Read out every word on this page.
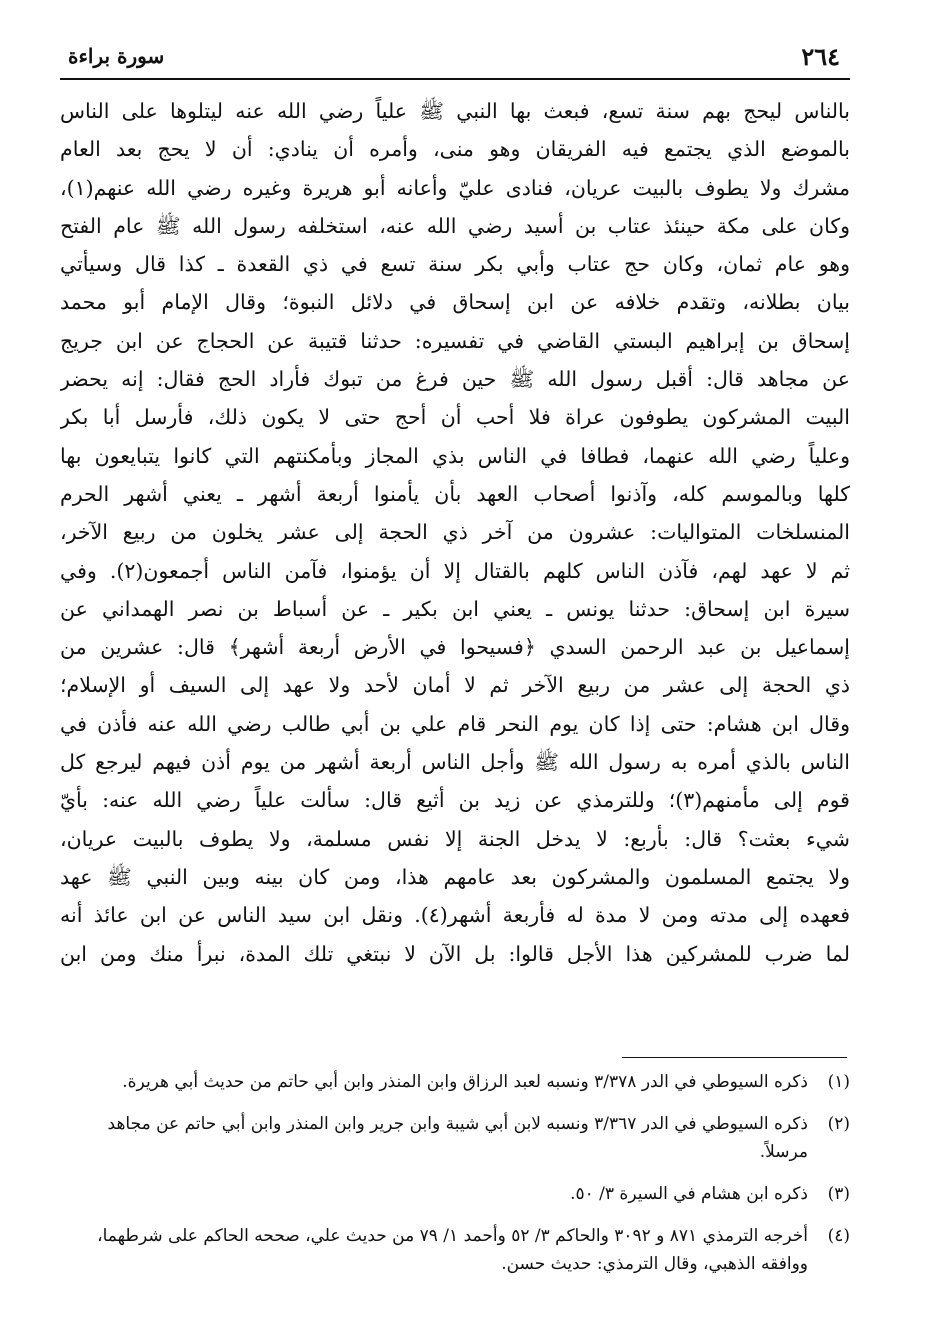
٢٦٤
سورة براءة
بالناس ليحج بهم سنة تسع، فبعث بها النبي ﷺ علياً رضي الله عنه ليتلوها على الناس
بالموضع الذي يجتمع فيه الفريقان وهو منى، وأمره أن ينادي: أن لا يحج بعد العام
مشرك ولا يطوف بالبيت عريان، فنادى عليّ وأعانه أبو هريرة وغيره رضي الله عنهم(١)،
وكان على مكة حينئذ عتاب بن أسيد رضي الله عنه، استخلفه رسول الله ﷺ عام الفتح
وهو عام ثمان، وكان حج عتاب وأبي بكر سنة تسع في ذي القعدة ـ كذا قال وسيأتي
بيان بطلانه، وتقدم خلافه عن ابن إسحاق في دلائل النبوة؛ وقال الإمام أبو محمد
إسحاق بن إبراهيم البستي القاضي في تفسيره: حدثنا قتيبة عن الحجاج عن ابن جريج
عن مجاهد قال: أقبل رسول الله ﷺ حين فرغ من تبوك فأراد الحج فقال: إنه يحضر
البيت المشركون يطوفون عراة فلا أحب أن أحج حتى لا يكون ذلك، فأرسل أبا بكر
وعلياً رضي الله عنهما، فطافا في الناس بذي المجاز وبأمكنتهم التي كانوا يتبايعون بها
كلها وبالموسم كله، وآذنوا أصحاب العهد بأن يأمنوا أربعة أشهر ـ يعني أشهر الحرم
المنسلخات المتواليات: عشرون من آخر ذي الحجة إلى عشر يخلون من ربيع الآخر،
ثم لا عهد لهم، فآذن الناس كلهم بالقتال إلا أن يؤمنوا، فآمن الناس أجمعون(٢). وفي
سيرة ابن إسحاق: حدثنا يونس ـ يعني ابن بكير ـ عن أسباط بن نصر الهمداني عن
إسماعيل بن عبد الرحمن السدي ﴿فسيحوا في الأرض أربعة أشهر﴾ قال: عشرين من
ذي الحجة إلى عشر من ربيع الآخر ثم لا أمان لأحد ولا عهد إلى السيف أو الإسلام؛
وقال ابن هشام: حتى إذا كان يوم النحر قام علي بن أبي طالب رضي الله عنه فأذن في
الناس بالذي أمره به رسول الله ﷺ وأجل الناس أربعة أشهر من يوم أذن فيهم ليرجع كل
قوم إلى مأمنهم(٣)؛ وللترمذي عن زيد بن أثيع قال: سألت علياً رضي الله عنه: بأيّ
شيء بعثت؟ قال: بأربع: لا يدخل الجنة إلا نفس مسلمة، ولا يطوف بالبيت عريان،
ولا يجتمع المسلمون والمشركون بعد عامهم هذا، ومن كان بينه وبين النبي ﷺ عهد
فعهده إلى مدته ومن لا مدة له فأربعة أشهر(٤). ونقل ابن سيد الناس عن ابن عائذ أنه
لما ضرب للمشركين هذا الأجل قالوا: بل الآن لا نبتغي تلك المدة، نبرأ منك ومن ابن
(١)
ذكره السيوطي في الدر ٣/٣٧٨ ونسبه لعبد الرزاق وابن المنذر وابن أبي حاتم من حديث أبي هريرة.
(٢)
ذكره السيوطي في الدر ٣/٣٦٧ ونسبه لابن أبي شيبة وابن جرير وابن المنذر وابن أبي حاتم عن مجاهد مرسلاً.
(٣)
ذكره ابن هشام في السيرة ٣/ ٥٠.
(٤)
أخرجه الترمذي ٨٧١ و ٣٠٩٢ والحاكم ٣/ ٥٢ وأحمد ١/ ٧٩ من حديث علي، صححه الحاكم على شرطهما، ووافقه الذهبي، وقال الترمذي: حديث حسن.
